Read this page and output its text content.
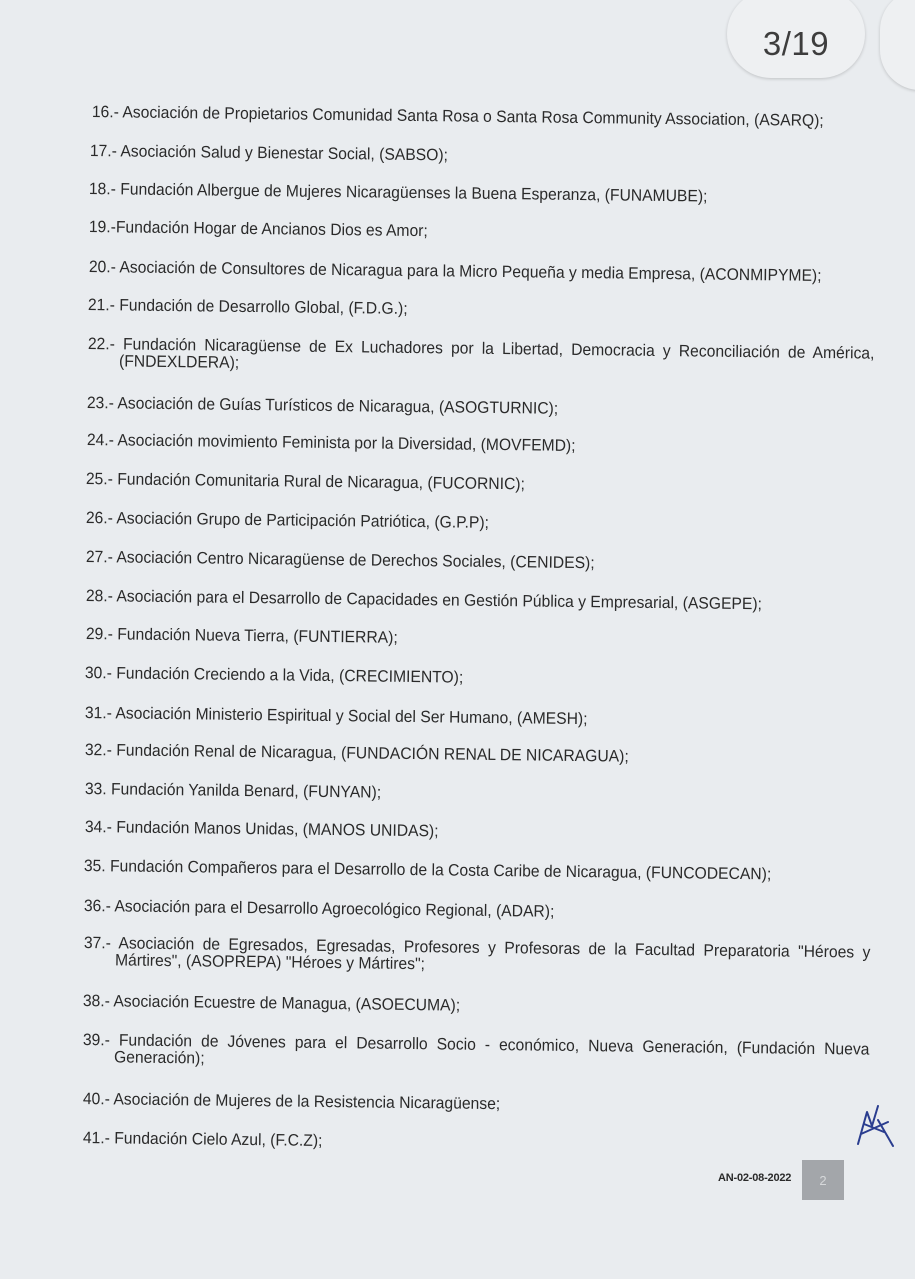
3/19
16.- Asociación de Propietarios Comunidad Santa Rosa o Santa Rosa Community Association, (ASARQ);
17.- Asociación Salud y Bienestar Social, (SABSO);
18.- Fundación Albergue de Mujeres Nicaragüenses la Buena Esperanza, (FUNAMUBE);
19.-Fundación Hogar de Ancianos Dios es Amor;
20.- Asociación de Consultores de Nicaragua para la Micro Pequeña y media Empresa, (ACONMIPYME);
21.- Fundación de Desarrollo Global, (F.D.G.);
22.- Fundación Nicaragüense de Ex Luchadores por la Libertad, Democracia y Reconciliación de América, (FNDEXLDERA);
23.- Asociación de Guías Turísticos de Nicaragua, (ASOGTURNIC);
24.- Asociación movimiento Feminista por la Diversidad, (MOVFEMD);
25.- Fundación Comunitaria Rural de Nicaragua, (FUCORNIC);
26.- Asociación Grupo de Participación Patriótica, (G.P.P);
27.- Asociación Centro Nicaragüense de Derechos Sociales, (CENIDES);
28.- Asociación para el Desarrollo de Capacidades en Gestión Pública y Empresarial, (ASGEPE);
29.- Fundación Nueva Tierra, (FUNTIERRA);
30.- Fundación Creciendo a la Vida, (CRECIMIENTO);
31.- Asociación Ministerio Espiritual y Social del Ser Humano, (AMESH);
32.- Fundación Renal de Nicaragua, (FUNDACIÓN RENAL DE NICARAGUA);
33. Fundación Yanilda Benard, (FUNYAN);
34.- Fundación Manos Unidas, (MANOS UNIDAS);
35. Fundación Compañeros para el Desarrollo de la Costa Caribe de Nicaragua, (FUNCODECAN);
36.- Asociación para el Desarrollo Agroecológico Regional, (ADAR);
37.- Asociación de Egresados, Egresadas, Profesores y Profesoras de la Facultad Preparatoria "Héroes y Mártires", (ASOPREPA) "Héroes y Mártires";
38.- Asociación Ecuestre de Managua, (ASOECUMA);
39.- Fundación de Jóvenes para el Desarrollo Socio - económico, Nueva Generación, (Fundación Nueva Generación);
40.- Asociación de Mujeres de la Resistencia Nicaragüense;
41.- Fundación Cielo Azul, (F.C.Z);
AN-02-08-2022	2
